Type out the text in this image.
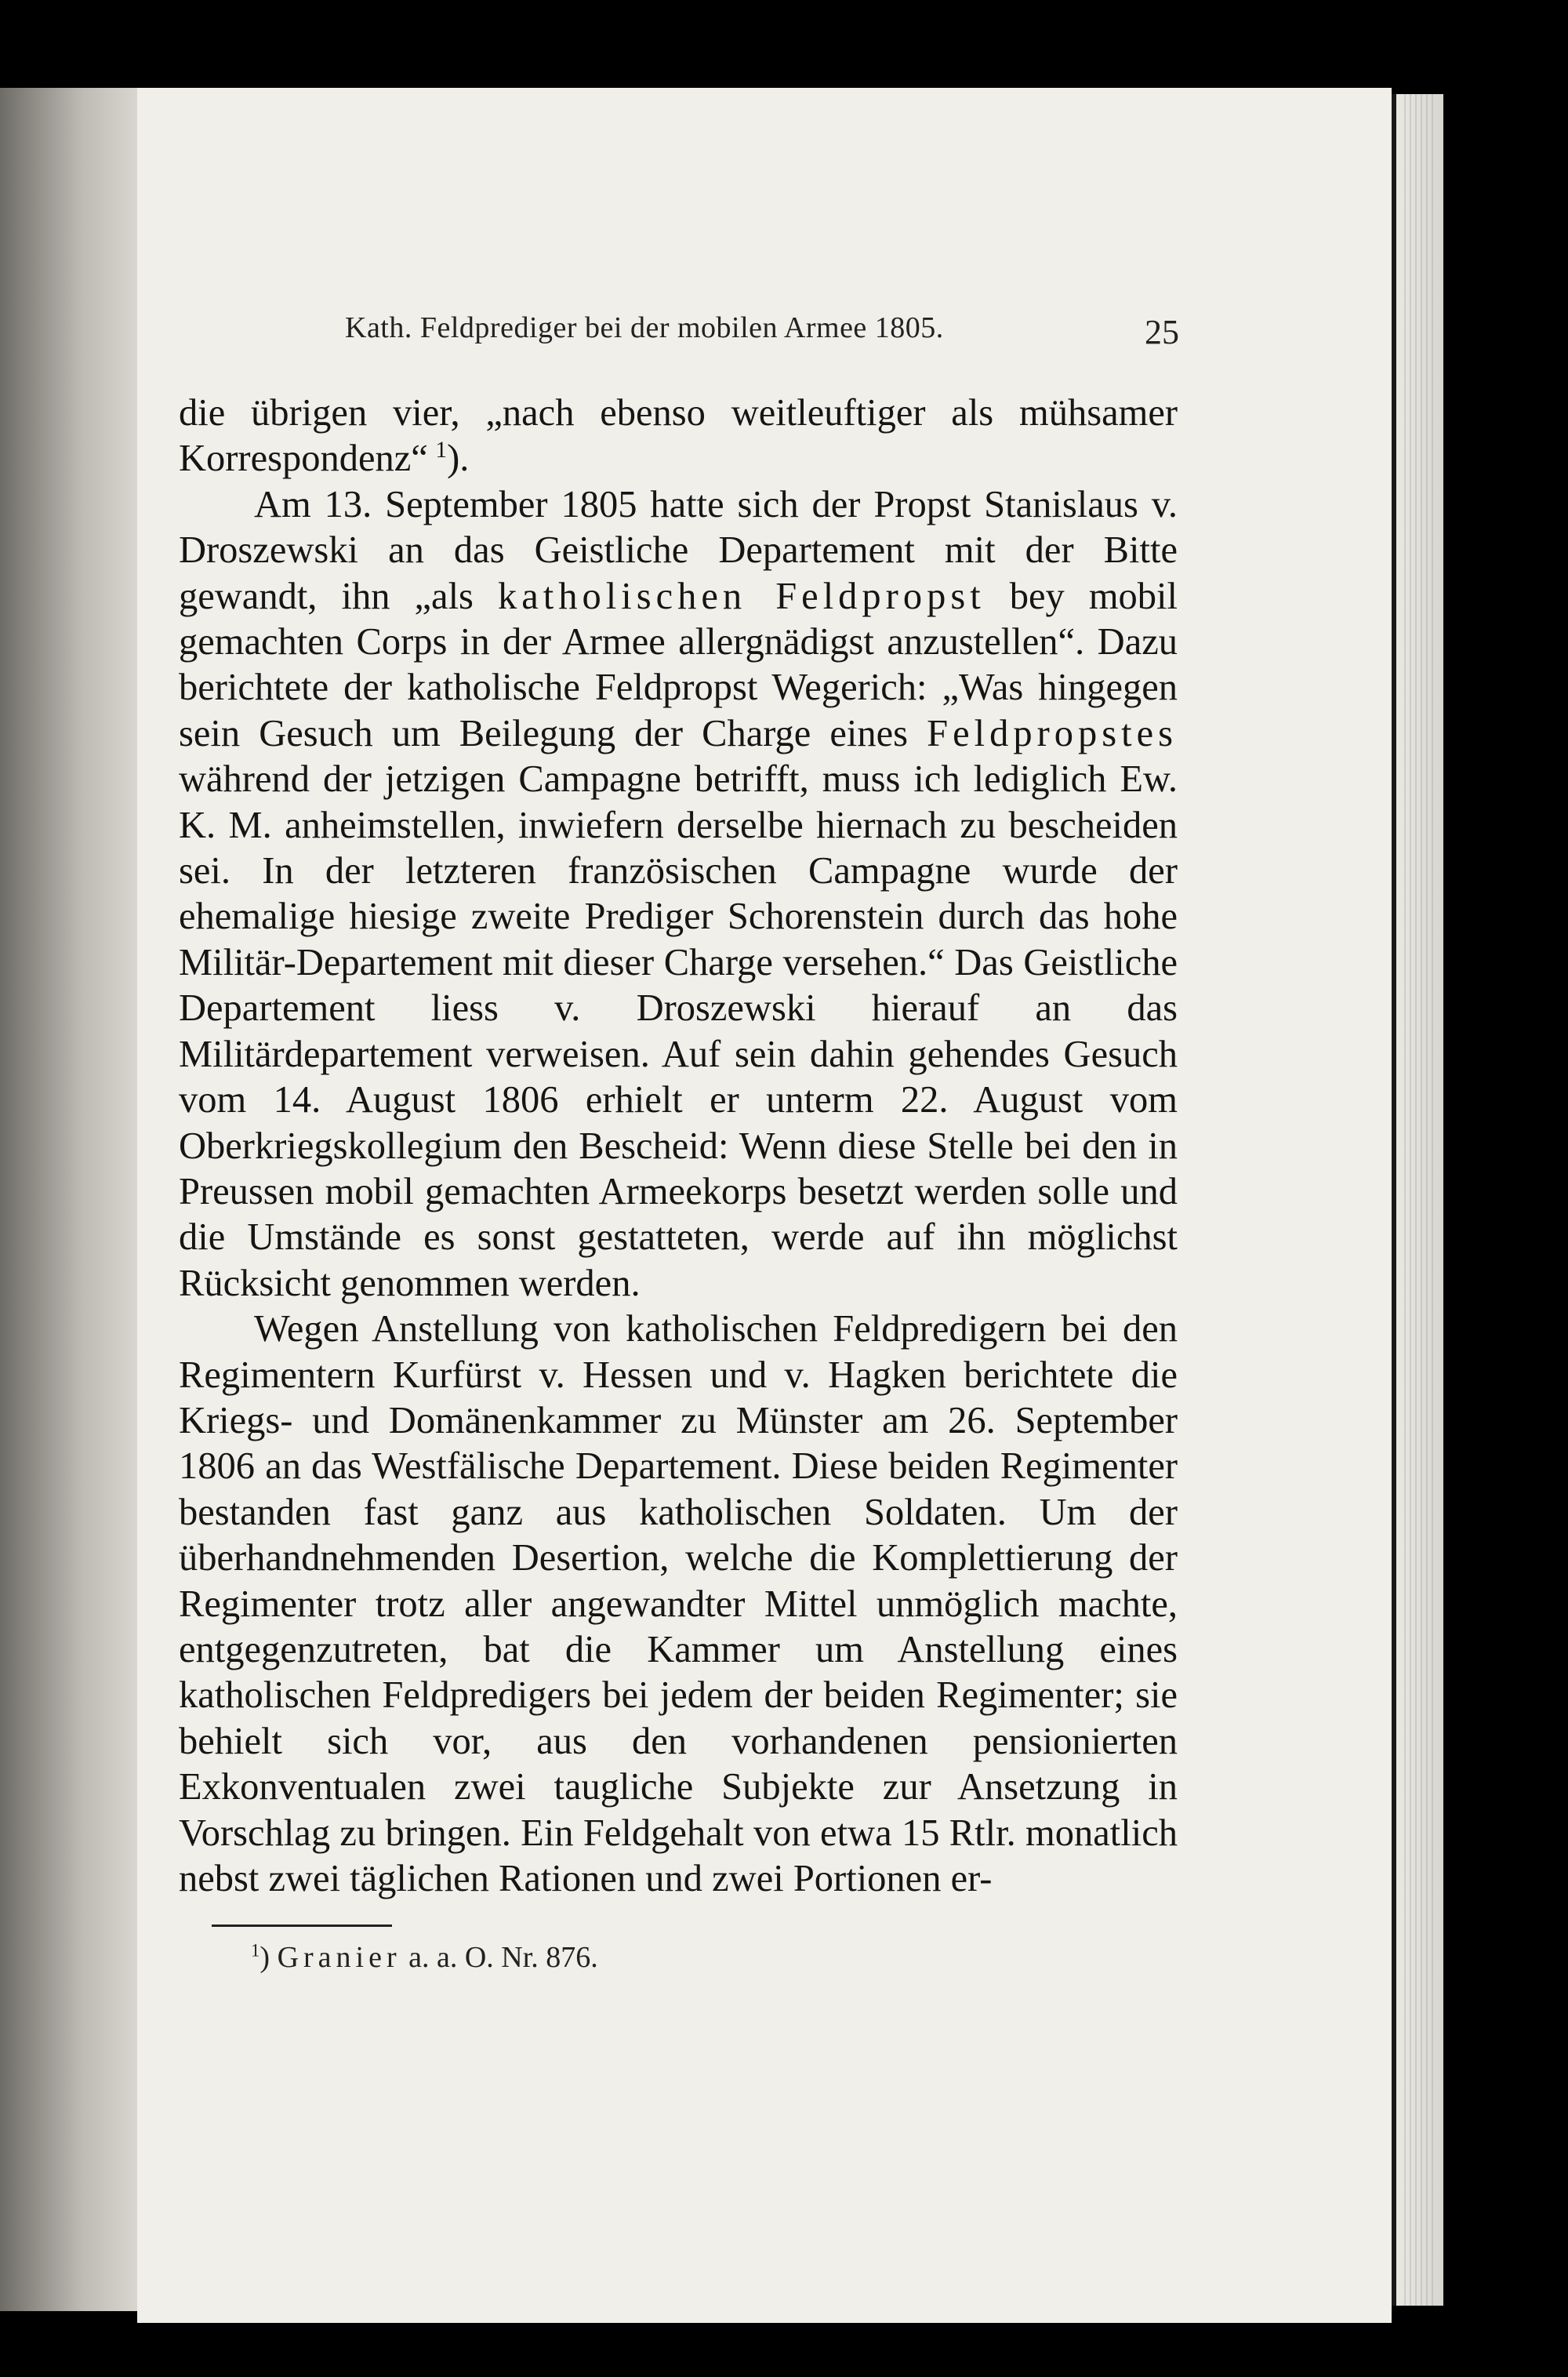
Kath. Feldprediger bei der mobilen Armee 1805.	25

die übrigen vier, „nach ebenso weitleuftiger als mühsamer Korrespondenz“  $^1$).

Am 13. September 1805 hatte sich der Propst Stanislaus v. Droszewski an das Geistliche Departement mit der Bitte gewandt, ihn „als katholischen Feldpropst bey mobil gemachten Corps in der Armee allergnädigst anzustellen“. Dazu berichtete der katholische Feldpropst Wegerich: „Was hingegen sein Gesuch um Beilegung der Charge eines Feldpropstes während der jetzigen Campagne betrifft, muss ich lediglich Ew. K. M. anheimstellen, inwiefern derselbe hiernach zu bescheiden sei. In der letzteren französischen Campagne wurde der ehemalige hiesige zweite Prediger Schorenstein durch das hohe Militär-Departement mit dieser Charge versehen.“ Das Geistliche Departement liess v. Droszewski hierauf an das Militärdepartement verweisen. Auf sein dahin gehendes Gesuch vom 14. August 1806 erhielt er unterm 22. August vom Oberkriegskollegium den Bescheid: Wenn diese Stelle bei den in Preussen mobil gemachten Armeekorps besetzt werden solle und die Umstände es sonst gestatteten, werde auf ihn möglichst Rücksicht genommen werden.

Wegen Anstellung von katholischen Feldpredigern bei den Regimentern Kurfürst v. Hessen und v. Hagken berichtete die Kriegs- und Domänenkammer zu Münster am 26. September 1806 an das Westfälische Departement. Diese beiden Regimenter bestanden fast ganz aus katholischen Soldaten. Um der überhandnehmenden Desertion, welche die Komplettierung der Regimenter trotz aller angewandter Mittel unmöglich machte, entgegenzutreten, bat die Kammer um Anstellung eines katholischen Feldpredigers bei jedem der beiden Regimenter; sie behielt sich vor, aus den vorhandenen pensionierten Exkonventualen zwei taugliche Subjekte zur Ansetzung in Vorschlag zu bringen. Ein Feldgehalt von etwa 15 Rtlr. monatlich nebst zwei täglichen Rationen und zwei Portionen er-

$^1$) Granier a. a. O. Nr. 876.
